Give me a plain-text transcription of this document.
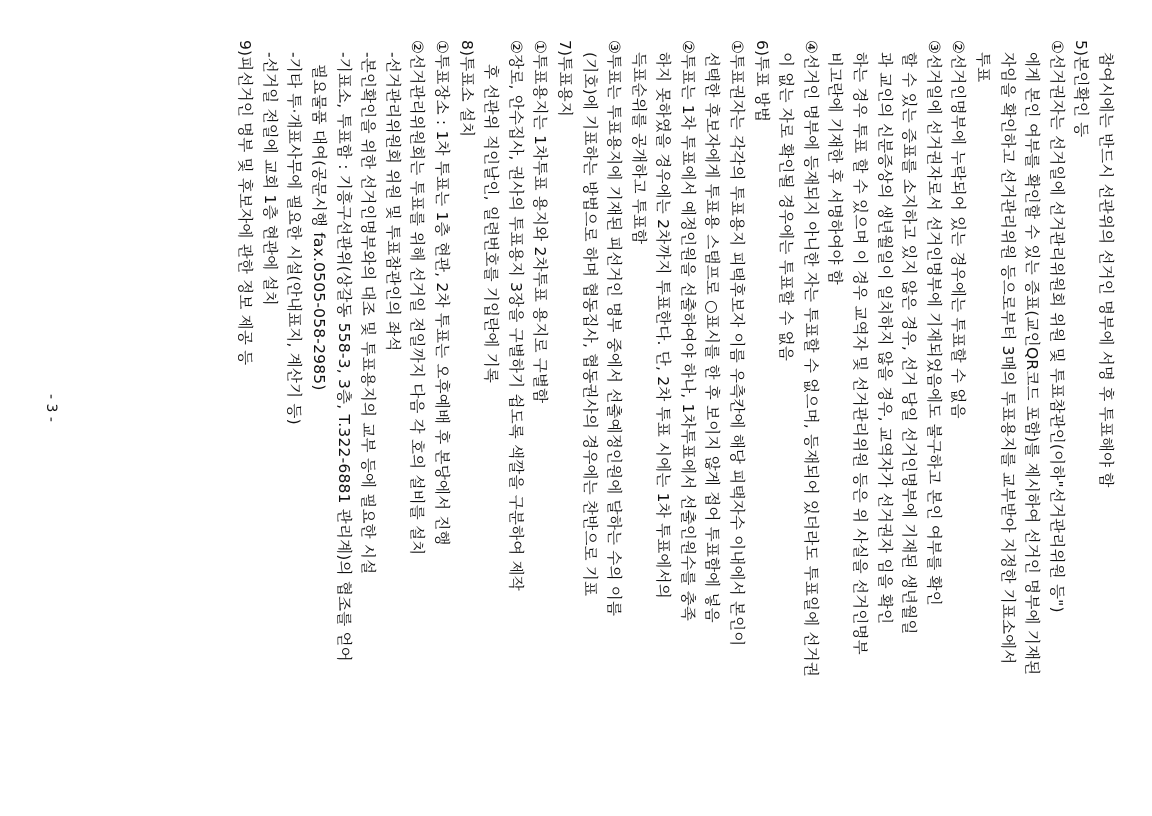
참여시에는 반드시 선관위의 선거인 명부에 서명 후 투표해야 함
5)본인확인 등
①선거권자는 선거일에 선거관리위원회 위원 및 투표참관인(이하"선거관리위원 등")
에게 본인 여부를 확인할 수 있는 증표(교인QR코드 포함)를 제시하여 선거인 명부에 기재된
자임을 확인하고 선거관리위원 등으로부터 3매의 투표용지를 교부받아 지정한 기표소에서
투표
②선거인명부에 누락되어 있는 경우에는 투표할 수 없음
③선거일에 선거권자로서 선거인명부에 기재되었음에도 불구하고 본인 여부를 확인
할 수 있는 증표를 소지하고 있지 않은 경우, 선거 당일 선거인명부에 기재된 생년월일
과 교인의 신분증상의 생년월일이 일치하지 않을 경우, 교역자가 선거권자 임을 확인
하는 경우 투표 할 수 있으며 이 경우 교역자 및 선거관리위원 등은 위 사실을 선거인명부
비고란에 기재한 후 서명하여야 함
④선거인 명부에 등재되지 아니한 자는 투표할 수 없으며, 등재되어 있더라도 투표일에 선거권
이 없는 자로 확인될 경우에는 투표할 수 없음
6)투표 방법
①투표권자는 각각의 투표용지 피택후보자 이름 우측칸에 해당 피택자수 이내에서 본인이
선택한 후보자에게 투표용 스탬프로 ○표시를 한 후 보이지 않게 접어 투표함에 넣음
②투표는 1차 투표에서 예정인원을 선출하여야 하나, 1차투표에서 선출인원수를 충족
하지 못하였을 경우에는 2차까지 투표한다. 단, 2차 투표 시에는 1차 투표에서의
득표순위를 공개하고 투표함
③투표는 투표용지에 기재된 피선거인 명부 중에서 선출예정인원에 달하는 수의 이름
(기호)에 기표하는 방법으로 하며 협동집사, 협동권사의 경우에는 찬반으로 기표
7)투표용지
①투표용지는 1차투표 용지와 2차투표 용지로 구별함
②장로, 안수집사, 권사의 투표용지 3장을 구별하기 쉽도록 색깔을 구분하여 제작
후 선관위 직인날인, 일련번호를 기입란에 기록
8)투표소 설치
①투표장소 : 1차 투표는 1층 현관, 2차 투표는 오후예배 후 본당에서 진행
②선거관리위원회는 투표를 위해 선거일 전일까지 다음 각 호의 설비를 설치
-선거관리위원회 위원 및 투표참관인의 좌석
-본인확인을 위한 선거인명부와의 대조 및 투표용지의 교부 등에 필요한 시설
-기표소, 투표함 : 기흥구선관위(상갈동 558-3, 3층, T.322-6881 관리계)의 협조를 얻어
필요물품 대여(공문시행 fax.0505-058-2985)
-기타 투·개표사무에 필요한 시설(안내표지, 계산기 등)
-선거일 전일에 교회 1층 현관에 설치
9)피선거인 명부 및 후보자에 관한 정보 제공 등
- 3 -
